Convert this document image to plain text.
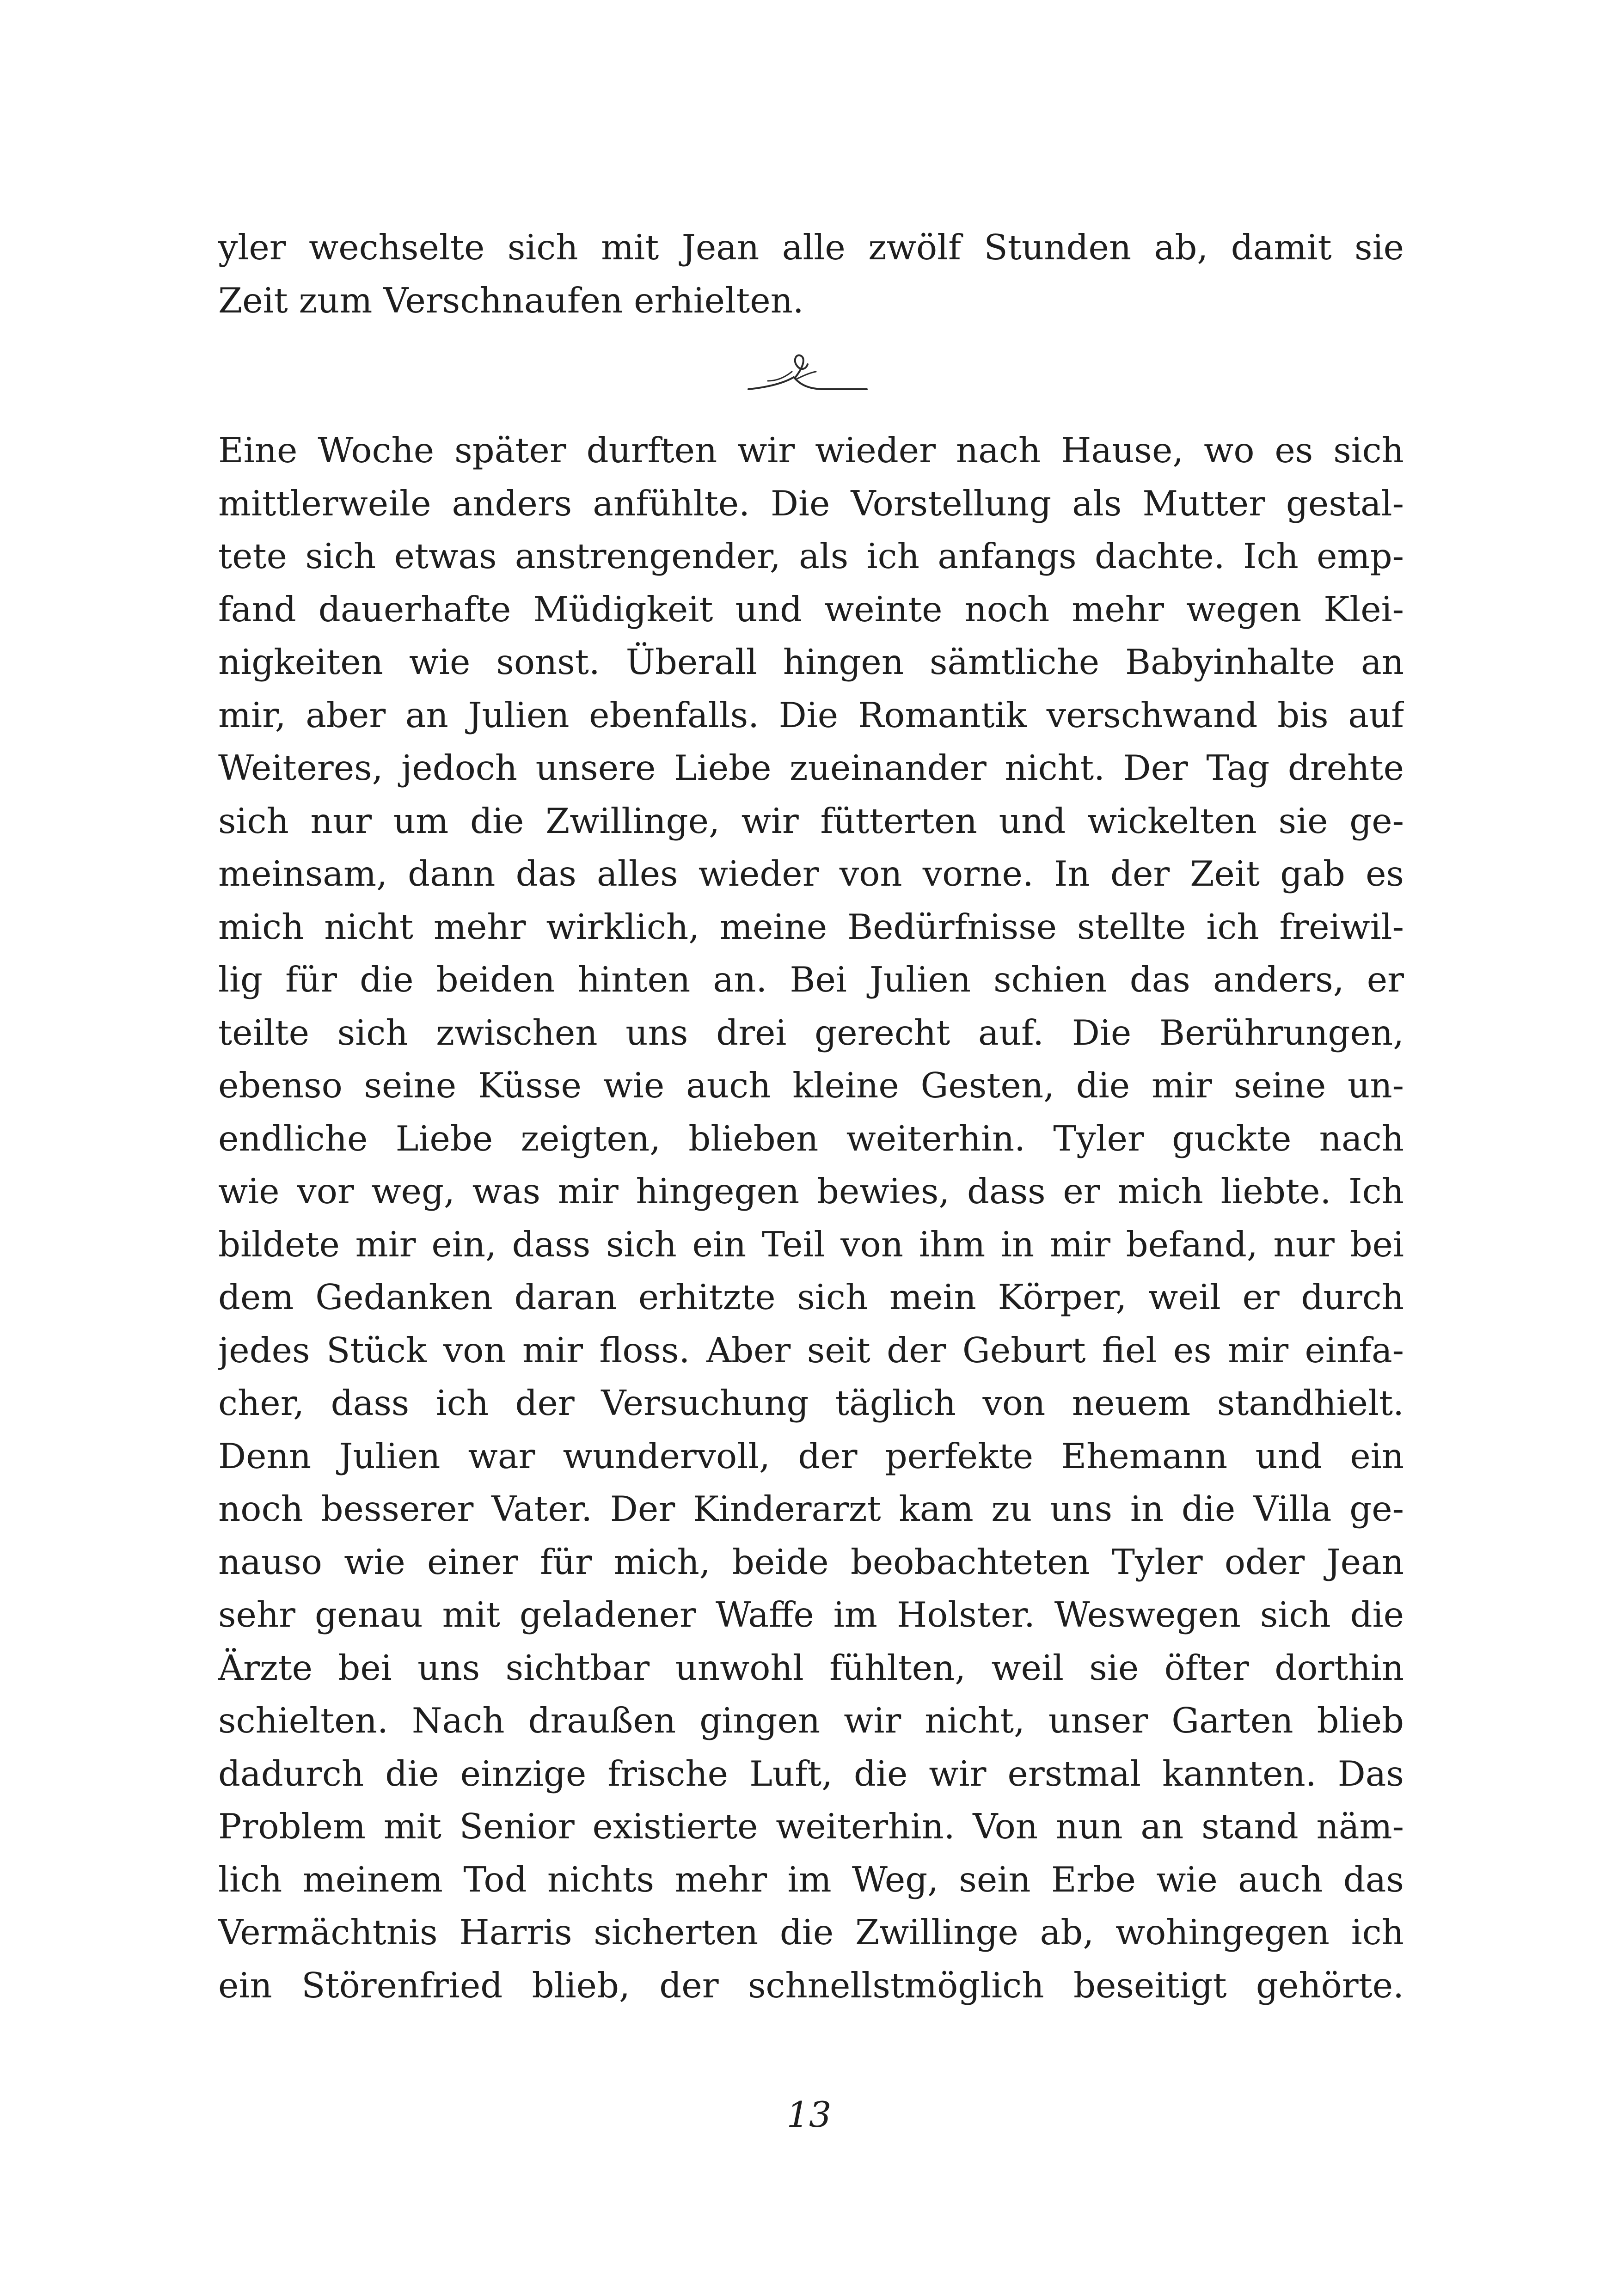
yler wechselte sich mit Jean alle zwölf Stunden ab, damit sie
Zeit zum Verschnaufen erhielten.
Eine Woche später durften wir wieder nach Hause, wo es sich
mittlerweile anders anfühlte. Die Vorstellung als Mutter gestal-
tete sich etwas anstrengender, als ich anfangs dachte. Ich emp-
fand dauerhafte Müdigkeit und weinte noch mehr wegen Klei-
nigkeiten wie sonst. Überall hingen sämtliche Babyinhalte an
mir, aber an Julien ebenfalls. Die Romantik verschwand bis auf
Weiteres, jedoch unsere Liebe zueinander nicht. Der Tag drehte
sich nur um die Zwillinge, wir fütterten und wickelten sie ge-
meinsam, dann das alles wieder von vorne. In der Zeit gab es
mich nicht mehr wirklich, meine Bedürfnisse stellte ich freiwil-
lig für die beiden hinten an. Bei Julien schien das anders, er
teilte sich zwischen uns drei gerecht auf. Die Berührungen,
ebenso seine Küsse wie auch kleine Gesten, die mir seine un-
endliche Liebe zeigten, blieben weiterhin. Tyler guckte nach
wie vor weg, was mir hingegen bewies, dass er mich liebte. Ich
bildete mir ein, dass sich ein Teil von ihm in mir befand, nur bei
dem Gedanken daran erhitzte sich mein Körper, weil er durch
jedes Stück von mir floss. Aber seit der Geburt fiel es mir einfa-
cher, dass ich der Versuchung täglich von neuem standhielt.
Denn Julien war wundervoll, der perfekte Ehemann und ein
noch besserer Vater. Der Kinderarzt kam zu uns in die Villa ge-
nauso wie einer für mich, beide beobachteten Tyler oder Jean
sehr genau mit geladener Waffe im Holster. Weswegen sich die
Ärzte bei uns sichtbar unwohl fühlten, weil sie öfter dorthin
schielten. Nach draußen gingen wir nicht, unser Garten blieb
dadurch die einzige frische Luft, die wir erstmal kannten. Das
Problem mit Senior existierte weiterhin. Von nun an stand näm-
lich meinem Tod nichts mehr im Weg, sein Erbe wie auch das
Vermächtnis Harris sicherten die Zwillinge ab, wohingegen ich
ein Störenfried blieb, der schnellstmöglich beseitigt gehörte.
13
